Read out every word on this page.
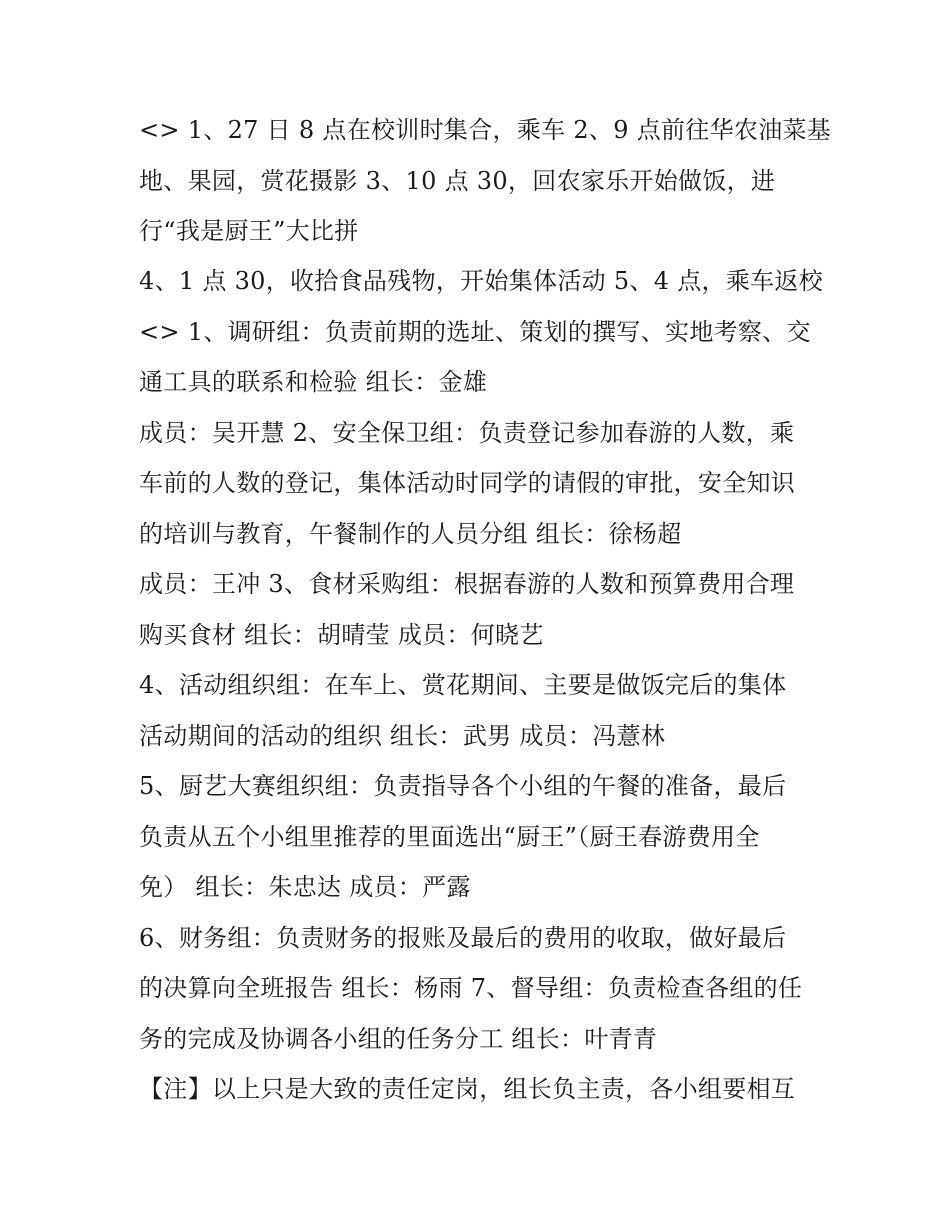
<> 1、27 日 8 点在校训时集合，乘车 2、9 点前往华农油菜基
地、果园，赏花摄影 3、10 点 30，回农家乐开始做饭，进
行“我是厨王”大比拼
4、1 点 30，收拾食品残物，开始集体活动 5、4 点，乘车返校
<> 1、调研组：负责前期的选址、策划的撰写、实地考察、交
通工具的联系和检验 组长：金雄
成员：吴开慧 2、安全保卫组：负责登记参加春游的人数，乘
车前的人数的登记，集体活动时同学的请假的审批，安全知识
的培训与教育，午餐制作的人员分组 组长：徐杨超
成员：王冲 3、食材采购组：根据春游的人数和预算费用合理
购买食材 组长：胡晴莹 成员：何晓艺
4、活动组织组：在车上、赏花期间、主要是做饭完后的集体
活动期间的活动的组织 组长：武男 成员：冯薏林
5、厨艺大赛组织组：负责指导各个小组的午餐的准备，最后
负责从五个小组里推荐的里面选出“厨王”（厨王春游费用全
免） 组长：朱忠达 成员：严露
6、财务组：负责财务的报账及最后的费用的收取，做好最后
的决算向全班报告 组长：杨雨 7、督导组：负责检查各组的任
务的完成及协调各小组的任务分工 组长：叶青青
【注】以上只是大致的责任定岗，组长负主责，各小组要相互
